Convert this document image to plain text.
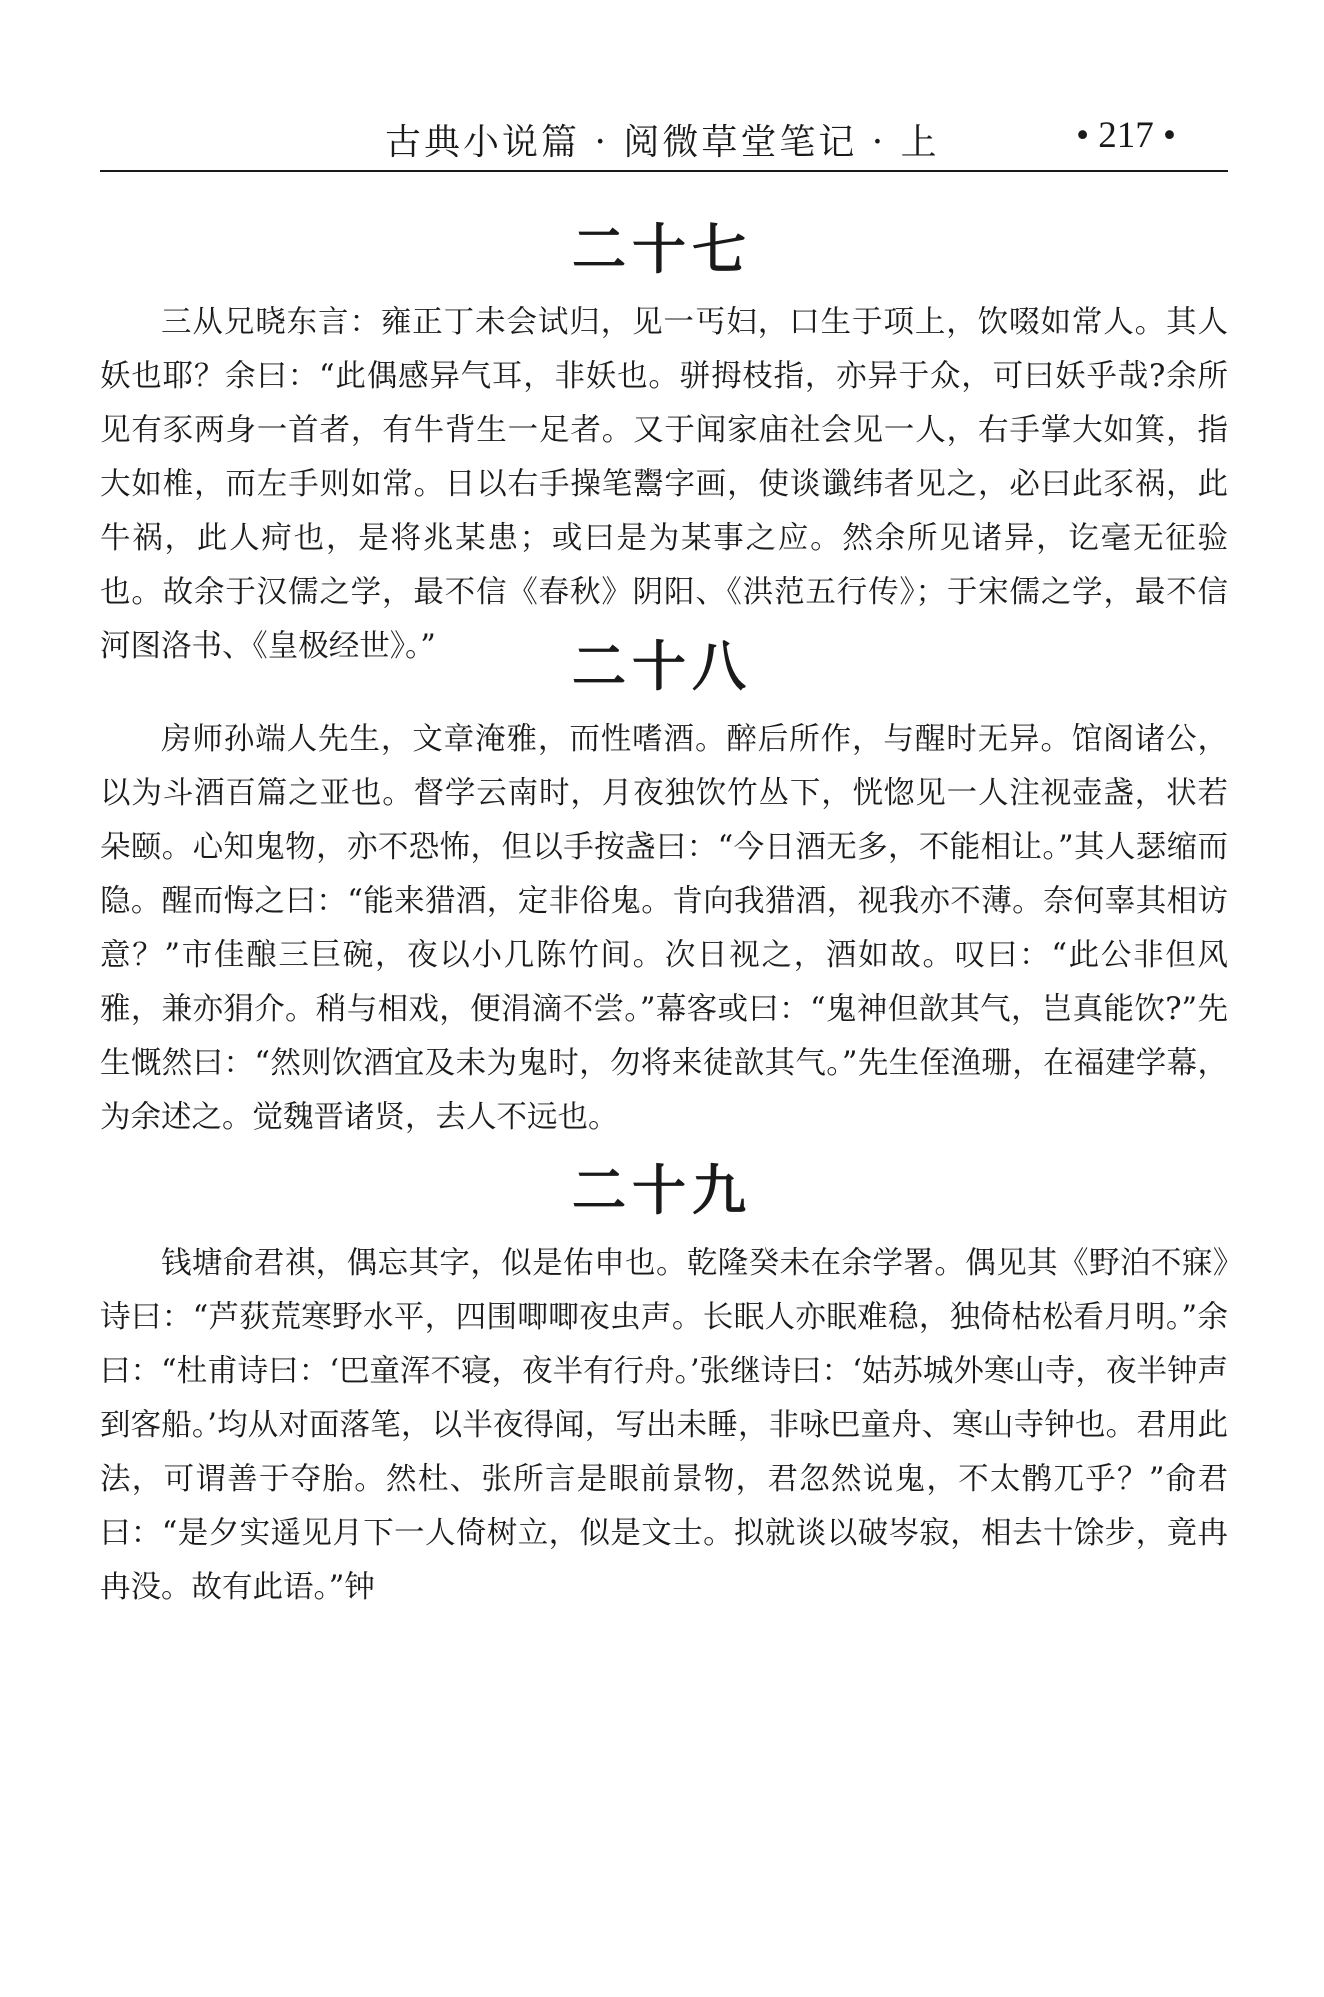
古典小说篇 · 阅微草堂笔记 · 上	• 217 •
二十七

三从兄晓东言：雍正丁未会试归，见一丐妇，口生于项上，饮啜如常人。其人妖也耶？余曰：“此偶感异气耳，非妖也。骈拇枝指，亦异于众，可曰妖乎哉?余所见有豕两身一首者，有牛背生一足者。又于闻家庙社会见一人，右手掌大如箕，指大如椎，而左手则如常。日以右手操笔鬻字画，使谈谶纬者见之，必曰此豕祸，此牛祸，此人疴也，是将兆某患；或曰是为某事之应。然余所见诸异，讫毫无征验也。故余于汉儒之学，最不信《春秋》阴阳、《洪范五行传》；于宋儒之学，最不信河图洛书、《皇极经世》。”	二十八

房师孙端人先生，文章淹雅，而性嗜酒。醉后所作，与醒时无异。馆阁诸公，以为斗酒百篇之亚也。督学云南时，月夜独饮竹丛下，恍惚见一人注视壶盏，状若朵颐。心知鬼物，亦不恐怖，但以手按盏曰：“今日酒无多，不能相让。”其人瑟缩而隐。醒而悔之曰：“能来猎酒，定非俗鬼。肯向我猎酒，视我亦不薄。奈何辜其相访意？”市佳酿三巨碗，夜以小几陈竹间。次日视之，酒如故。叹曰：“此公非但风雅，兼亦狷介。稍与相戏，便涓滴不尝。”幕客或曰：“鬼神但歆其气，岂真能饮?”先生慨然曰：“然则饮酒宜及未为鬼时，勿将来徒歆其气。”先生侄渔珊，在福建学幕，为余述之。觉魏晋诸贤，去人不远也。

二十九

钱塘俞君祺，偶忘其字，似是佑申也。乾隆癸未在余学署。偶见其《野泊不寐》诗曰：“芦荻荒寒野水平，四围唧唧夜虫声。长眠人亦眠难稳，独倚枯松看月明。”余曰：“杜甫诗曰：‘巴童浑不寝，夜半有行舟。’张继诗曰：‘姑苏城外寒山寺，夜半钟声到客船。’均从对面落笔，以半夜得闻，写出未睡，非咏巴童舟、寒山寺钟也。君用此法，可谓善于夺胎。然杜、张所言是眼前景物，君忽然说鬼，不太鹘兀乎？”俞君曰：“是夕实遥见月下一人倚树立，似是文士。拟就谈以破岑寂，相去十馀步，竟冉冉没。故有此语。”钟
